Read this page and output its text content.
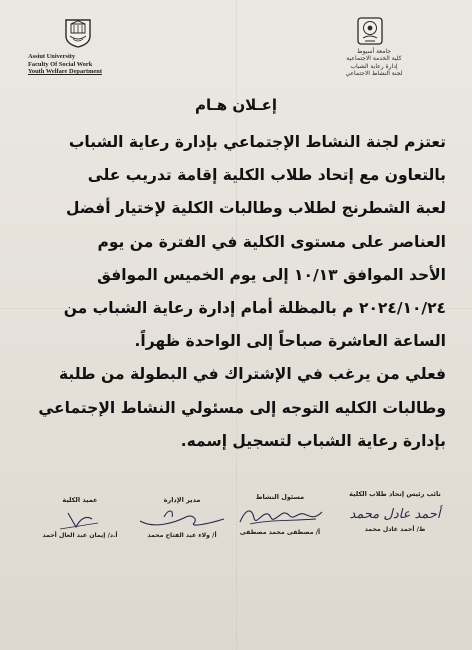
Assiut University
Faculty Of Social Work
Youth Welfare Department
جامعة أسيوط
كلية الخدمة الاجتماعية
إدارة رعاية الشباب
لجنة النشاط الاجتماعي
إعـلان هـام
تعتزم لجنة النشاط الإجتماعي بإدارة رعاية الشباب
بالتعاون مع إتحاد طلاب الكلية إقامة تدريب على
لعبة الشطرنج لطلاب وطالبات الكلية لإختيار أفضل
العناصر على مستوى الكلية في الفترة من يوم
الأحد الموافق ١٠/١٣ إلى يوم الخميس الموافق
٢٠٢٤/١٠/٢٤ م بالمظلة أمام إدارة رعاية الشباب من
الساعة العاشرة صباحاً إلى الواحدة ظهراً.
فعلي من يرغب في الإشتراك في البطولة من طلبة
وطالبات الكليه التوجه إلى مسئولي النشاط الإجتماعي
بإدارة رعاية الشباب لتسجيل إسمه.
نائب رئيس إتحاد طلاب الكلية
أحمد عادل محمد
ط/ أحمد عادل محمد
مسئول النشاط
أ/ مصطفى محمد مصطفى
مدير الإدارة
أ/ ولاء عبد الفتاح محمد
عميد الكلية
أ.د/ إيمان عبد العال أحمد
